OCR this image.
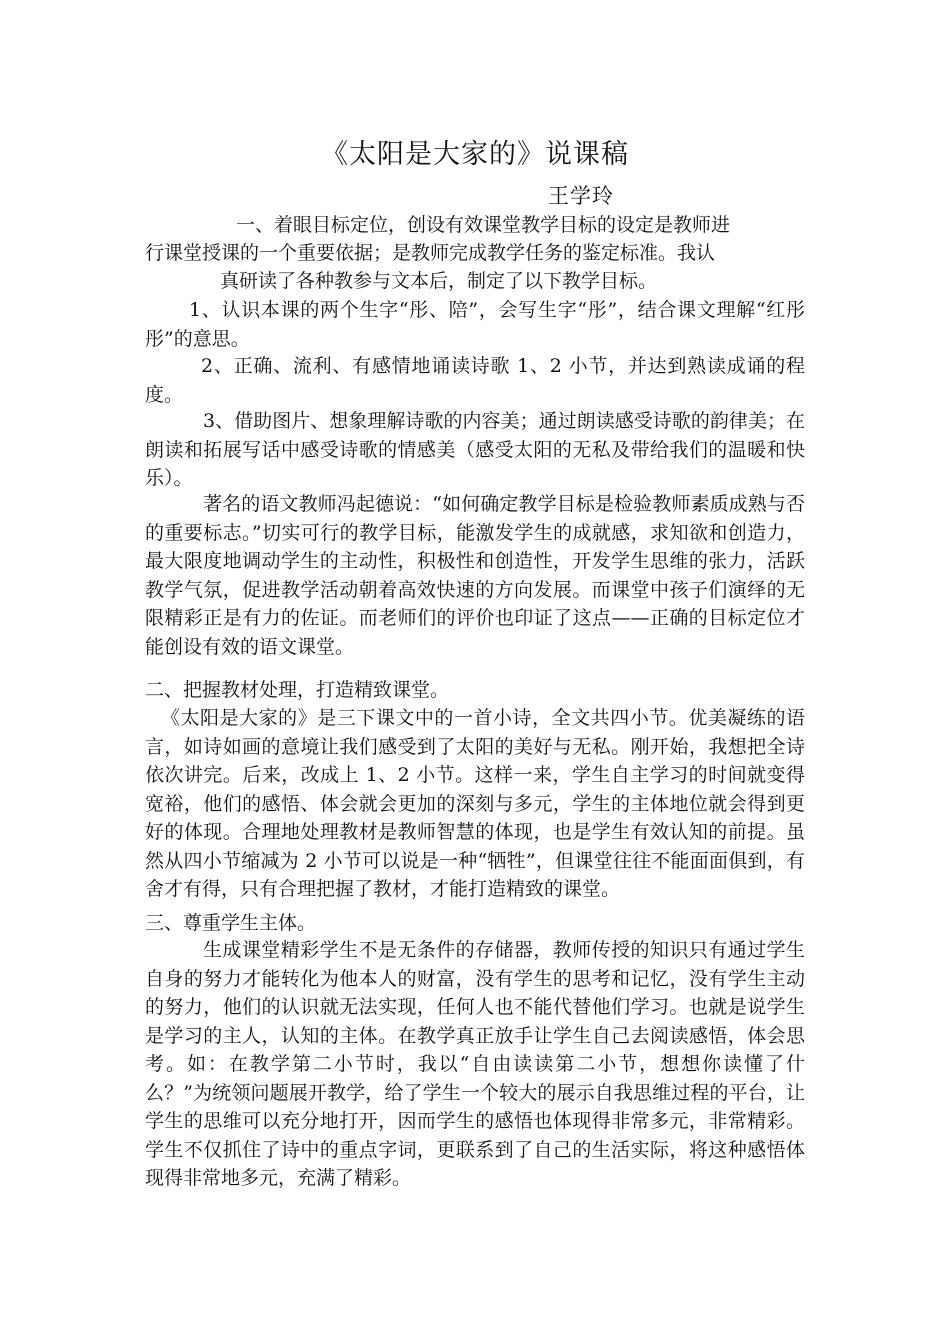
《太阳是大家的》说课稿
王学玲
一、着眼目标定位，创设有效课堂教学目标的设定是教师进
行课堂授课的一个重要依据；是教师完成教学任务的鉴定标准。我认
真研读了各种教参与文本后，制定了以下教学目标。

1、认识本课的两个生字“彤、陪”，会写生字“彤”，结合课文理解“红彤彤”的意思。

2、正确、流利、有感情地诵读诗歌 1、2 小节，并达到熟读成诵的程度。

3、借助图片、想象理解诗歌的内容美；通过朗读感受诗歌的韵律美；在朗读和拓展写话中感受诗歌的情感美（感受太阳的无私及带给我们的温暖和快乐）。

著名的语文教师冯起德说：“如何确定教学目标是检验教师素质成熟与否的重要标志。”切实可行的教学目标，能激发学生的成就感，求知欲和创造力，最大限度地调动学生的主动性，积极性和创造性，开发学生思维的张力，活跃教学气氛，促进教学活动朝着高效快速的方向发展。而课堂中孩子们演绎的无限精彩正是有力的佐证。而老师们的评价也印证了这点——正确的目标定位才能创设有效的语文课堂。

二、把握教材处理，打造精致课堂。

《太阳是大家的》是三下课文中的一首小诗，全文共四小节。优美凝练的语言，如诗如画的意境让我们感受到了太阳的美好与无私。刚开始，我想把全诗依次讲完。后来，改成上 1、2 小节。这样一来，学生自主学习的时间就变得宽裕，他们的感悟、体会就会更加的深刻与多元，学生的主体地位就会得到更好的体现。合理地处理教材是教师智慧的体现，也是学生有效认知的前提。虽然从四小节缩减为 2 小节可以说是一种“牺牲”，但课堂往往不能面面俱到，有舍才有得，只有合理把握了教材，才能打造精致的课堂。

三、尊重学生主体。

生成课堂精彩学生不是无条件的存储器，教师传授的知识只有通过学生自身的努力才能转化为他本人的财富，没有学生的思考和记忆，没有学生主动的努力，他们的认识就无法实现，任何人也不能代替他们学习。也就是说学生是学习的主人，认知的主体。在教学真正放手让学生自己去阅读感悟，体会思考。如：在教学第二小节时，我以“自由读读第二小节，想想你读懂了什么？”为统领问题展开教学，给了学生一个较大的展示自我思维过程的平台，让学生的思维可以充分地打开，因而学生的感悟也体现得非常多元，非常精彩。学生不仅抓住了诗中的重点字词，更联系到了自己的生活实际，将这种感悟体现得非常地多元，充满了精彩。
